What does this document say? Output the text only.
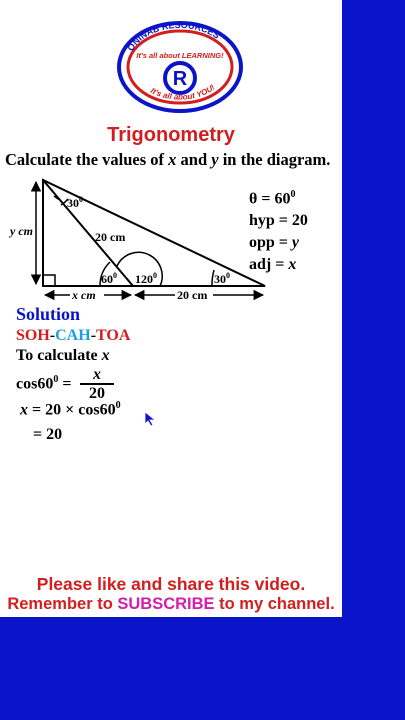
ONINAB RESOURCES
It's all about LEARNING!
R
It's all about YOU!
Trigonometry
Calculate the values of x and y in the diagram.
$30^0$
20 cm
y cm
$60^0$ $120^0$	$30^0$
x cm	20 cm
$\theta = 60^0$
hyp = 20
opp = y
adj = x
Solution
SOH-CAH-TOA
To calculate x
$\cos 60^0 = \frac{x}{20}$
$x = 20 \times \cos 60^0$
= 20
Please like and share this video.
Remember to SUBSCRIBE to my channel.
